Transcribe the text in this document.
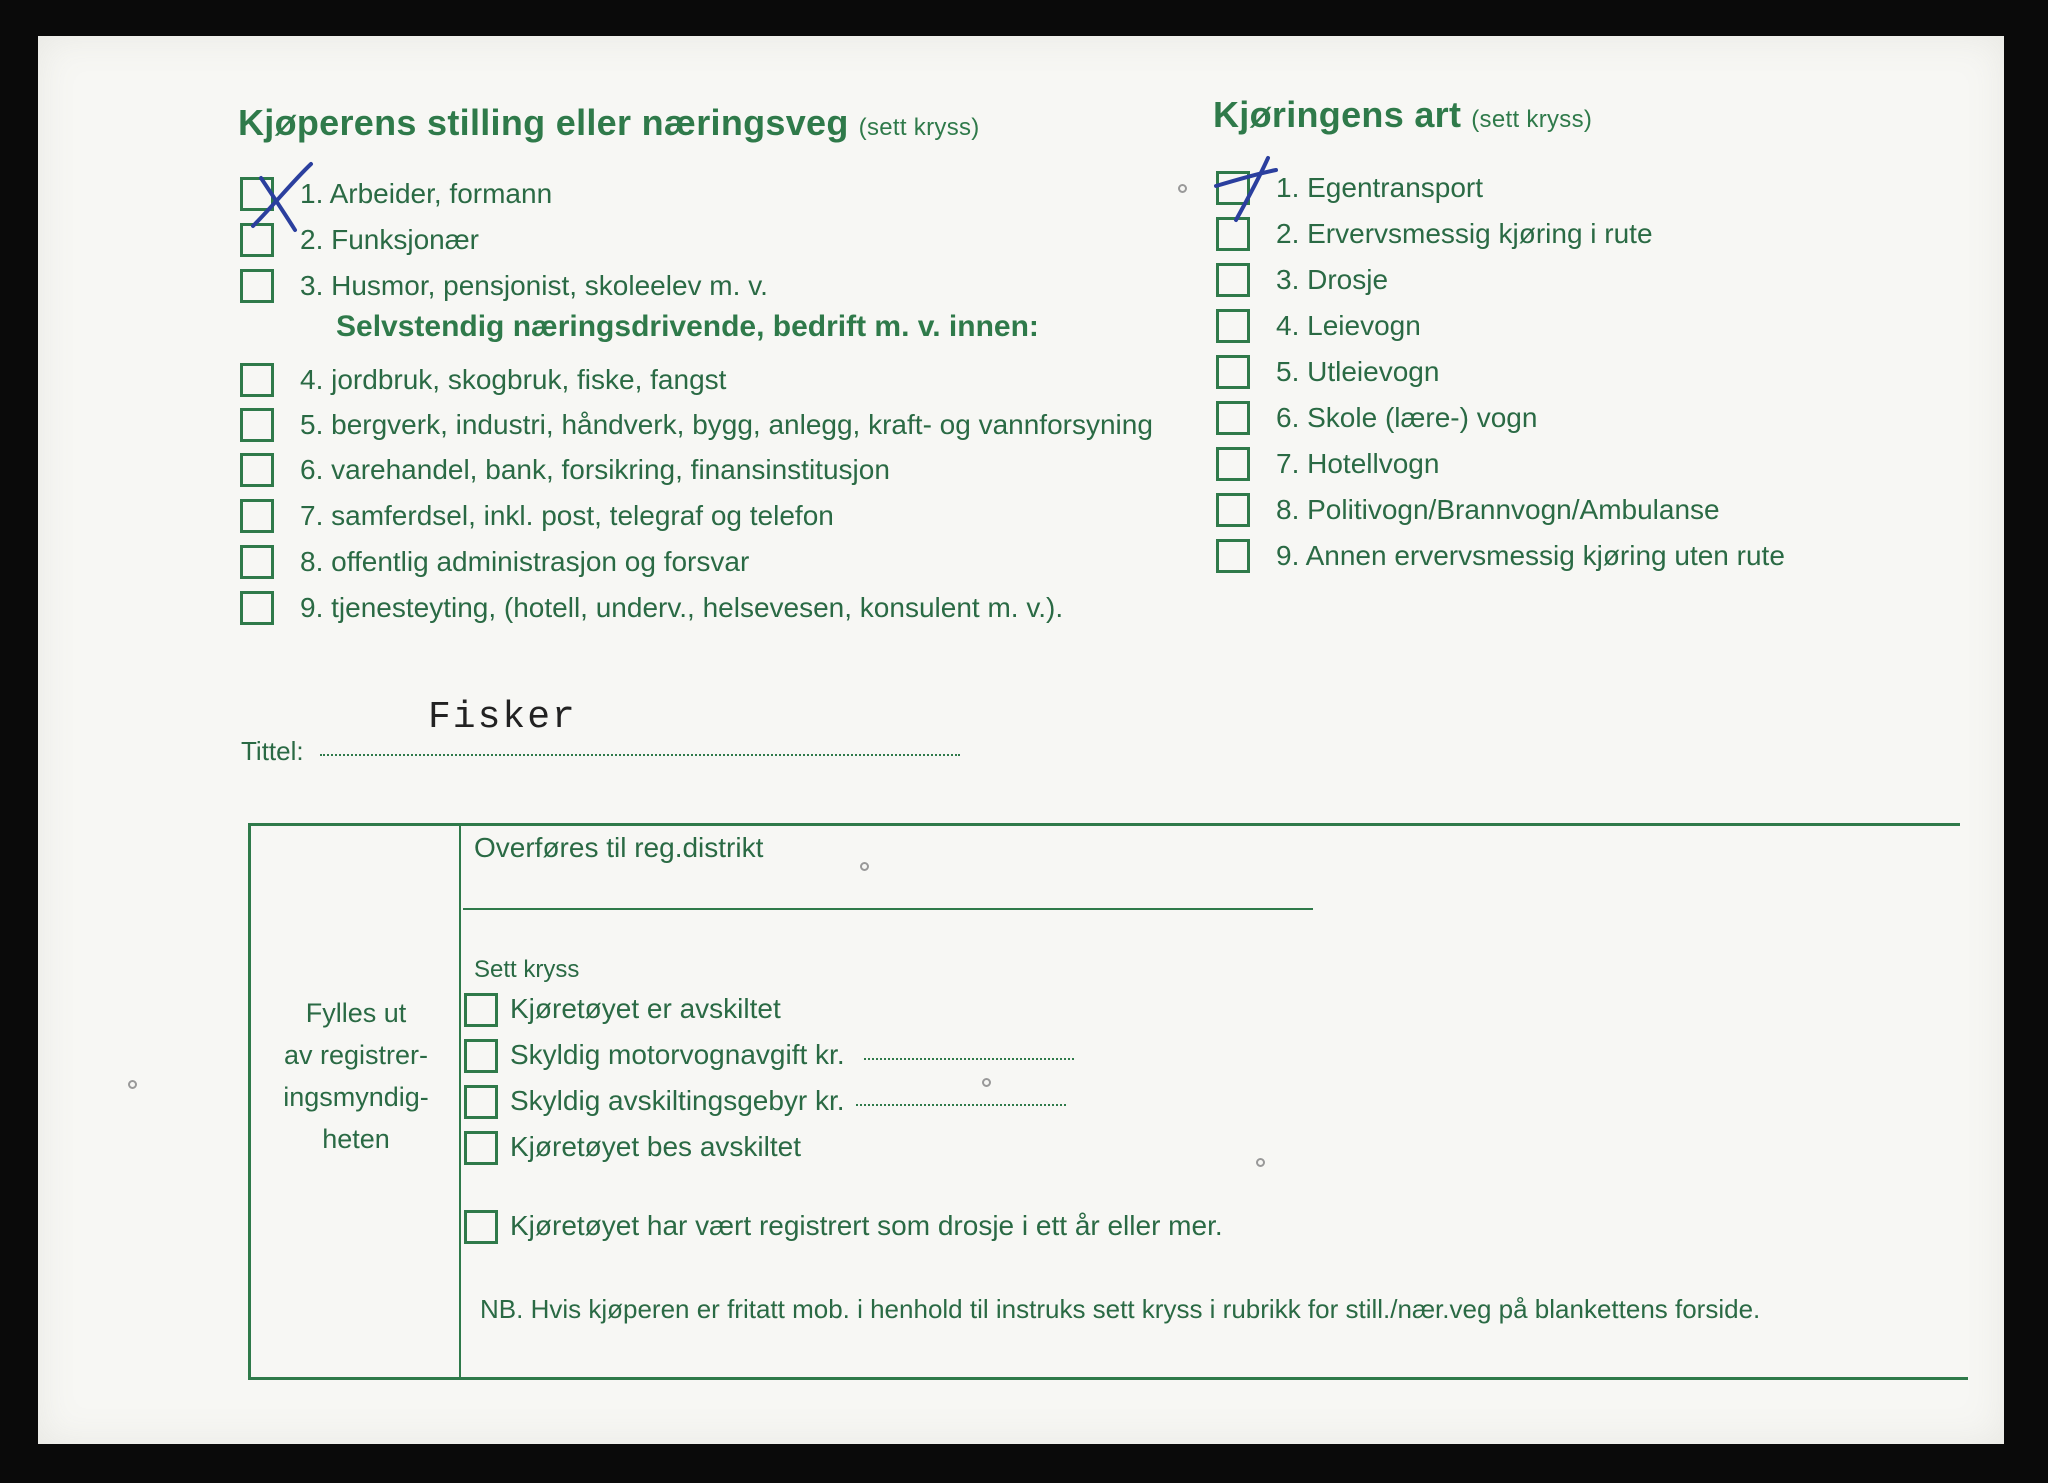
Kjøperens stilling eller næringsveg (sett kryss)
1. Arbeider, formann
2. Funksjonær
3. Husmor, pensjonist, skoleelev m. v.
Selvstendig næringsdrivende, bedrift m. v. innen:
4. jordbruk, skogbruk, fiske, fangst
5. bergverk, industri, håndverk, bygg, anlegg, kraft- og vannforsyning
6. varehandel, bank, forsikring, finansinstitusjon
7. samferdsel, inkl. post, telegraf og telefon
8. offentlig administrasjon og forsvar
9. tjenesteyting, (hotell, underv., helsevesen, konsulent m. v.).
Kjøringens art (sett kryss)
1. Egentransport
2. Ervervsmessig kjøring i rute
3. Drosje
4. Leievogn
5. Utleievogn
6. Skole (lære-) vogn
7. Hotellvogn
8. Politivogn/Brannvogn/Ambulanse
9. Annen ervervsmessig kjøring uten rute
Tittel:
Fisker
Fylles ut
av registrer-
ingsmyndig-
heten
Overføres til reg.distrikt
Sett kryss
Kjøretøyet er avskiltet
Skyldig motorvognavgift kr.
Skyldig avskiltingsgebyr kr.
Kjøretøyet bes avskiltet
Kjøretøyet har vært registrert som drosje i ett år eller mer.
NB. Hvis kjøperen er fritatt mob. i henhold til instruks sett kryss i rubrikk for still./nær.veg på blankettens forside.
